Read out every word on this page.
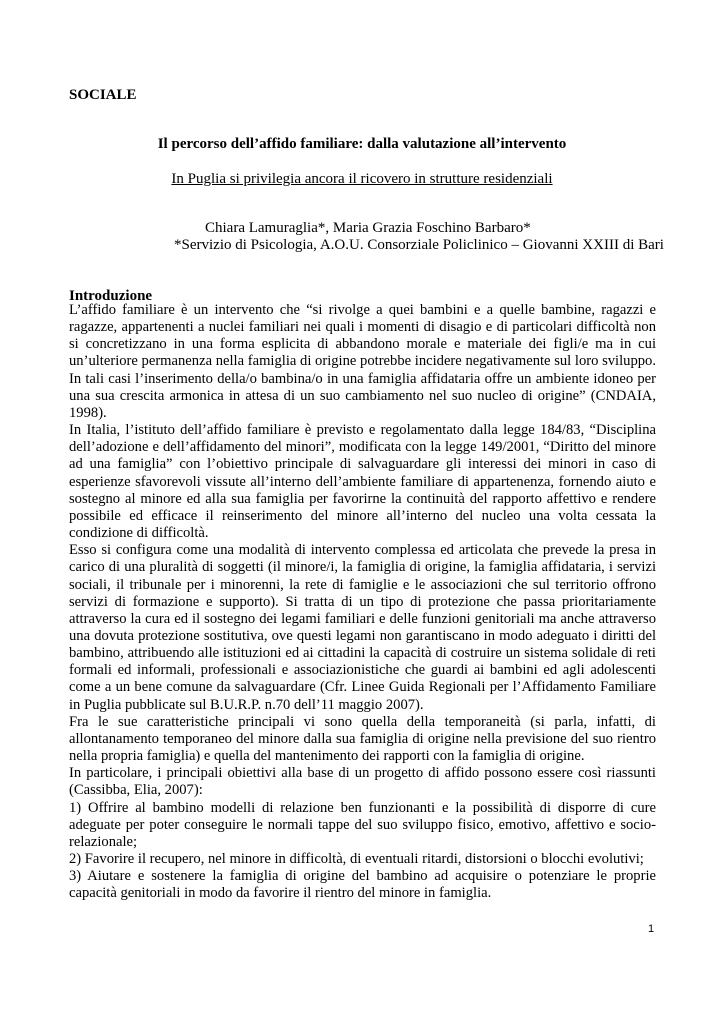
SOCIALE
Il percorso dell’affido familiare: dalla valutazione all’intervento
In Puglia si privilegia ancora il ricovero in strutture residenziali
Chiara Lamuraglia*, Maria Grazia Foschino Barbaro*
*Servizio di Psicologia, A.O.U. Consorziale Policlinico – Giovanni XXIII di Bari
Introduzione

L’affido familiare è un intervento che “si rivolge a quei bambini e a quelle bambine, ragazzi e ragazze, appartenenti a nuclei familiari nei quali i momenti di disagio e di particolari difficoltà non si concretizzano in una forma esplicita di abbandono morale e materiale dei figli/e ma in cui un’ulteriore permanenza nella famiglia di origine potrebbe incidere negativamente sul loro sviluppo. In tali casi l’inserimento della/o bambina/o in una famiglia affidataria offre un ambiente idoneo per una sua crescita armonica in attesa di un suo cambiamento nel suo nucleo di origine” (CNDAIA, 1998).

In Italia, l’istituto dell’affido familiare è previsto e regolamentato dalla legge 184/83, “Disciplina dell’adozione e dell’affidamento del minori”, modificata con la legge 149/2001, “Diritto del minore ad una famiglia” con l’obiettivo principale di salvaguardare gli interessi dei minori in caso di esperienze sfavorevoli vissute all’interno dell’ambiente familiare di appartenenza, fornendo aiuto e sostegno al minore ed alla sua famiglia per favorirne la continuità del rapporto affettivo e rendere possibile ed efficace il reinserimento del minore all’interno del nucleo una volta cessata la condizione di difficoltà.

Esso si configura come una modalità di intervento complessa ed articolata che prevede la presa in carico di una pluralità di soggetti (il minore/i, la famiglia di origine, la famiglia affidataria, i servizi sociali, il tribunale per i minorenni, la rete di famiglie e le associazioni che sul territorio offrono servizi di formazione e supporto). Si tratta di un tipo di protezione che passa prioritariamente attraverso la cura ed il sostegno dei legami familiari e delle funzioni genitoriali ma anche attraverso una dovuta protezione sostitutiva, ove questi legami non garantiscano in modo adeguato i diritti del bambino, attribuendo alle istituzioni ed ai cittadini la capacità di costruire un sistema solidale di reti formali ed informali, professionali e associazionistiche che guardi ai bambini ed agli adolescenti come a un bene comune da salvaguardare (Cfr. Linee Guida Regionali per l’Affidamento Familiare in Puglia pubblicate sul B.U.R.P. n.70 dell’11 maggio 2007).

Fra le sue caratteristiche principali vi sono quella della temporaneità (si parla, infatti, di allontanamento temporaneo del minore dalla sua famiglia di origine nella previsione del suo rientro nella propria famiglia) e quella del mantenimento dei rapporti con la famiglia di origine.

In particolare, i principali obiettivi alla base di un progetto di affido possono essere così riassunti (Cassibba, Elia, 2007):

1) Offrire al bambino modelli di relazione ben funzionanti e la possibilità di disporre di cure adeguate per poter conseguire le normali tappe del suo sviluppo fisico, emotivo, affettivo e socio-relazionale;

2) Favorire il recupero, nel minore in difficoltà, di eventuali ritardi, distorsioni o blocchi evolutivi;

3) Aiutare e sostenere la famiglia di origine del bambino ad acquisire o potenziare le proprie capacità genitoriali in modo da favorire il rientro del minore in famiglia.

1
